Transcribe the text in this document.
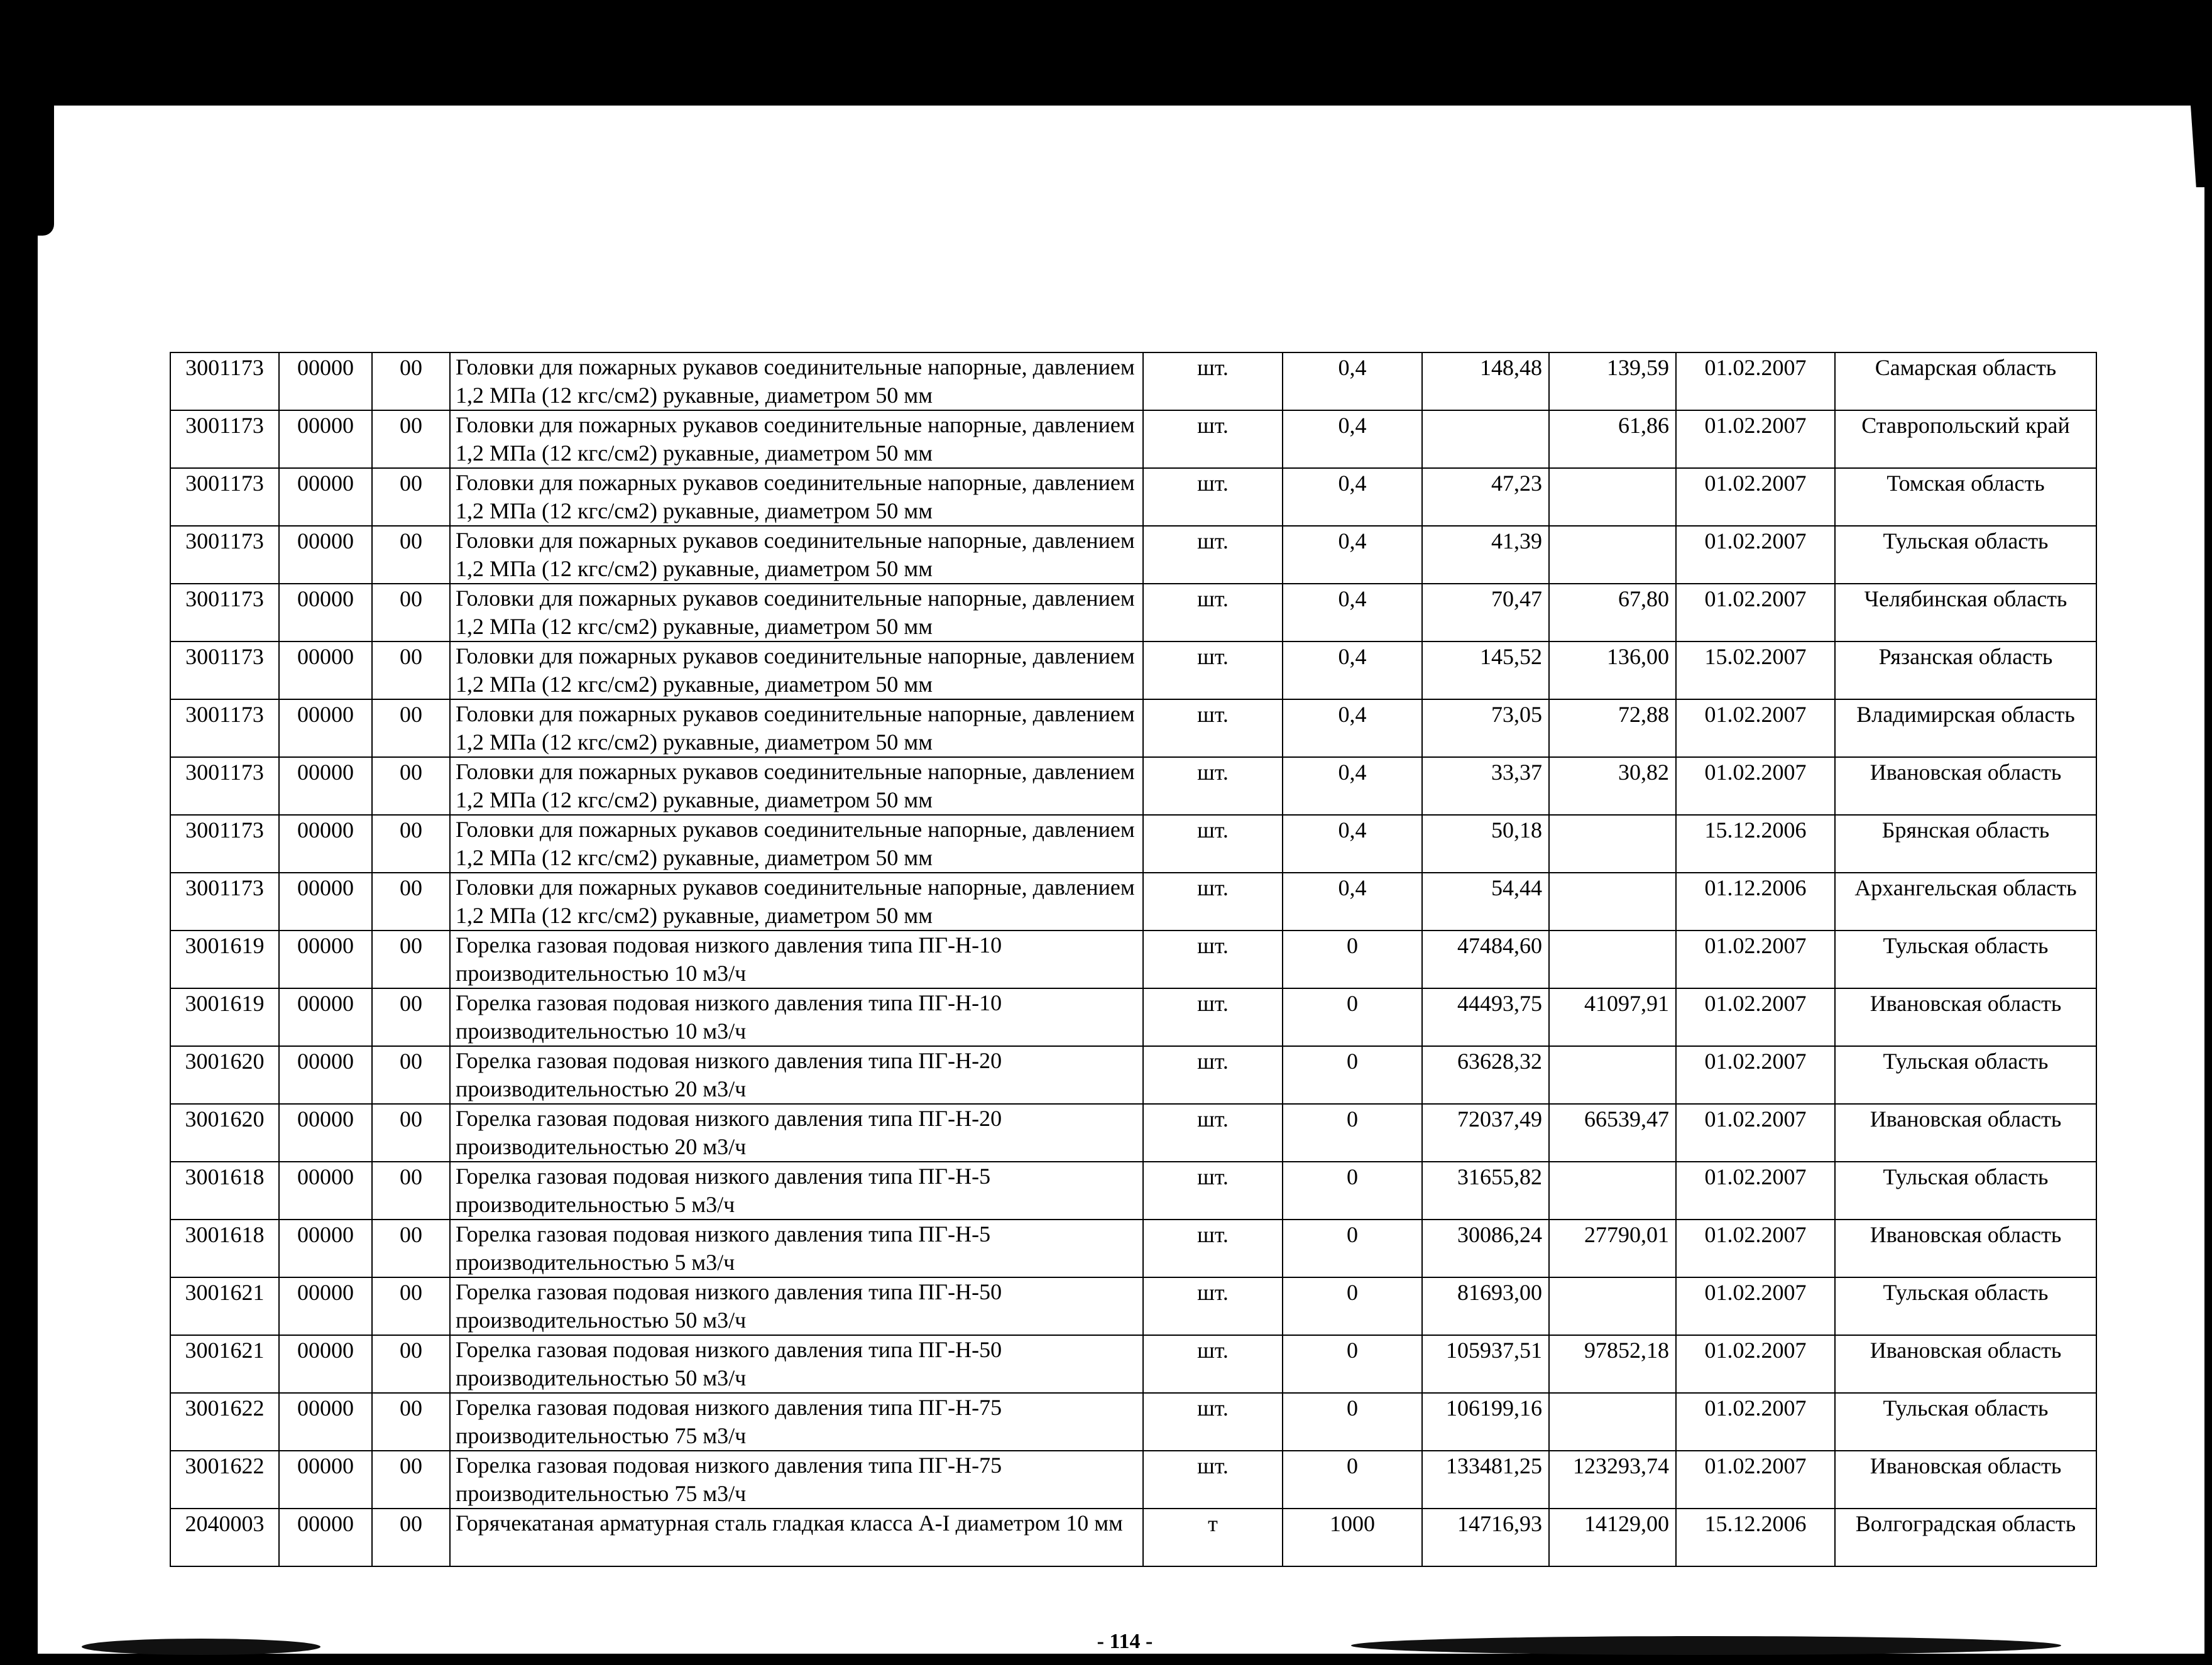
3001173	00000	00	Головки для пожарных рукавов соединительные напорные, давлением 1,2 МПа (12 кгс/см2) рукавные, диаметром 50 мм	шт.	0,4	148,48	139,59	01.02.2007	Самарская область
3001173	00000	00	Головки для пожарных рукавов соединительные напорные, давлением 1,2 МПа (12 кгс/см2) рукавные, диаметром 50 мм	шт.	0,4		61,86	01.02.2007	Ставропольский край
3001173	00000	00	Головки для пожарных рукавов соединительные напорные, давлением 1,2 МПа (12 кгс/см2) рукавные, диаметром 50 мм	шт.	0,4	47,23		01.02.2007	Томская область
3001173	00000	00	Головки для пожарных рукавов соединительные напорные, давлением 1,2 МПа (12 кгс/см2) рукавные, диаметром 50 мм	шт.	0,4	41,39		01.02.2007	Тульская область
3001173	00000	00	Головки для пожарных рукавов соединительные напорные, давлением 1,2 МПа (12 кгс/см2) рукавные, диаметром 50 мм	шт.	0,4	70,47	67,80	01.02.2007	Челябинская область
3001173	00000	00	Головки для пожарных рукавов соединительные напорные, давлением 1,2 МПа (12 кгс/см2) рукавные, диаметром 50 мм	шт.	0,4	145,52	136,00	15.02.2007	Рязанская область
3001173	00000	00	Головки для пожарных рукавов соединительные напорные, давлением 1,2 МПа (12 кгс/см2) рукавные, диаметром 50 мм	шт.	0,4	73,05	72,88	01.02.2007	Владимирская область
3001173	00000	00	Головки для пожарных рукавов соединительные напорные, давлением 1,2 МПа (12 кгс/см2) рукавные, диаметром 50 мм	шт.	0,4	33,37	30,82	01.02.2007	Ивановская область
3001173	00000	00	Головки для пожарных рукавов соединительные напорные, давлением 1,2 МПа (12 кгс/см2) рукавные, диаметром 50 мм	шт.	0,4	50,18		15.12.2006	Брянская область
3001173	00000	00	Головки для пожарных рукавов соединительные напорные, давлением 1,2 МПа (12 кгс/см2) рукавные, диаметром 50 мм	шт.	0,4	54,44		01.12.2006	Архангельская область
3001619	00000	00	Горелка газовая подовая низкого давления типа ПГ-Н-10 производительностью 10 м3/ч	шт.	0	47484,60		01.02.2007	Тульская область
3001619	00000	00	Горелка газовая подовая низкого давления типа ПГ-Н-10 производительностью 10 м3/ч	шт.	0	44493,75	41097,91	01.02.2007	Ивановская область
3001620	00000	00	Горелка газовая подовая низкого давления типа ПГ-Н-20 производительностью 20 м3/ч	шт.	0	63628,32		01.02.2007	Тульская область
3001620	00000	00	Горелка газовая подовая низкого давления типа ПГ-Н-20 производительностью 20 м3/ч	шт.	0	72037,49	66539,47	01.02.2007	Ивановская область
3001618	00000	00	Горелка газовая подовая низкого давления типа ПГ-Н-5 производительностью 5 м3/ч	шт.	0	31655,82		01.02.2007	Тульская область
3001618	00000	00	Горелка газовая подовая низкого давления типа ПГ-Н-5 производительностью 5 м3/ч	шт.	0	30086,24	27790,01	01.02.2007	Ивановская область
3001621	00000	00	Горелка газовая подовая низкого давления типа ПГ-Н-50 производительностью 50 м3/ч	шт.	0	81693,00		01.02.2007	Тульская область
3001621	00000	00	Горелка газовая подовая низкого давления типа ПГ-Н-50 производительностью 50 м3/ч	шт.	0	105937,51	97852,18	01.02.2007	Ивановская область
3001622	00000	00	Горелка газовая подовая низкого давления типа ПГ-Н-75 производительностью 75 м3/ч	шт.	0	106199,16		01.02.2007	Тульская область
3001622	00000	00	Горелка газовая подовая низкого давления типа ПГ-Н-75 производительностью 75 м3/ч	шт.	0	133481,25	123293,74	01.02.2007	Ивановская область
2040003	00000	00	Горячекатаная арматурная сталь гладкая класса А-I диаметром 10 мм	т	1000	14716,93	14129,00	15.12.2006	Волгоградская область
- 114 -
